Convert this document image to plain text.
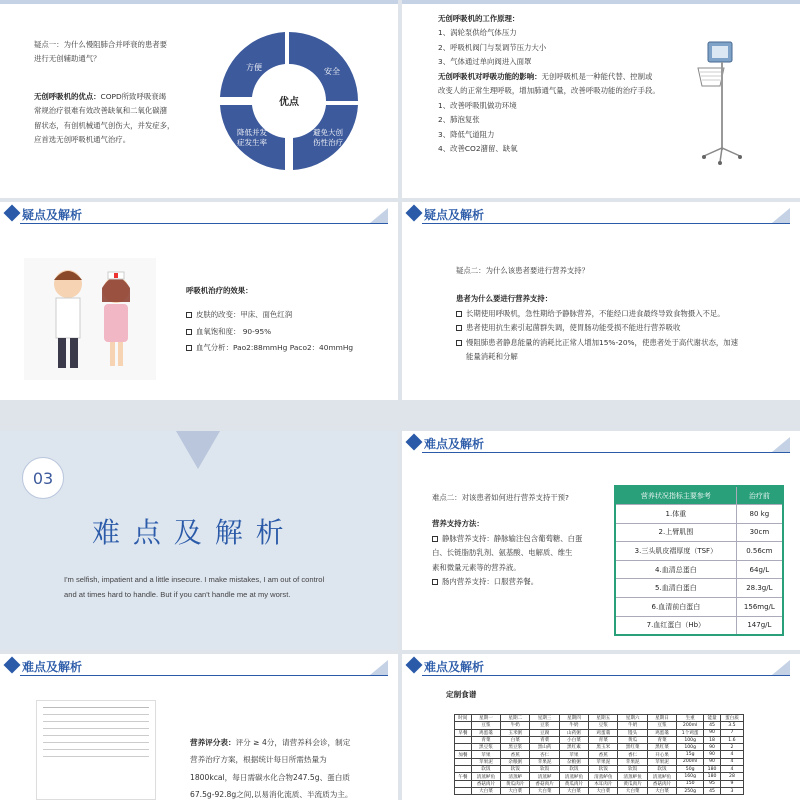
疑点一：为什么慢阻肺合并呼衰的患者要
进行无创辅助通气？
无创呼吸机的优点：COPD所致呼吸衰竭
常规治疗很难有效改善缺氧和二氧化碳潴
留状态，有创机械通气创伤大，并发症多，
应首选无创呼吸机通气治疗。
优点
方便	安全
避免大创
伤性治疗
降低并发
症发生率
无创呼吸机的工作原理：
1、涡轮泵供给气体压力
2、呼吸机阀门与泵调节压力大小
3、气体通过单向阀进入面罩
无创呼吸机对呼吸功能的影响：无创呼吸机是一种能代替、控制或
改变人的正常生理呼吸，增加肺通气量，改善呼吸功能的治疗手段。
1、改善呼吸肌做功环境
2、肺泡复张
3、降低气道阻力
4、改善CO2潴留、缺氧
疑点及解析
呼吸机治疗的效果：
皮肤的改变：甲床、面色红润
血氧饱和度： 90-95%
血气分析：Pao2:88mmHg Paco2：40mmHg
疑点及解析
疑点二：为什么该患者要进行营养支持？
患者为什么要进行营养支持：
长期使用呼吸机，急性期给予静脉营养，不能经口进食最终导致食物摄入不足。
患者使用抗生素引起菌群失调，使胃肠功能受损不能进行营养吸收
慢阻肺患者静息能量的消耗比正常人增加15%-20%，使患者处于高代谢状态，加速
能量消耗和分解
03
难 点 及 解 析
I'm selfish, impatient and a little insecure. I make mistakes, I am out of control
and at times hard to handle. But if you can't handle me at my worst.
难点及解析
难点二：对该患者如何进行营养支持干预?
营养支持方法：
静脉营养支持：静脉输注包含葡萄糖、白蛋
白、长链脂肪乳剂、氨基酸、电解质、维生
素和微量元素等的营养液。
肠内营养支持：口服营养餐。
营养状况指标主要参考	治疗前
1.体重	80 kg
2.上臂肌围	30cm
3.三头肌皮褶厚度（TSF）	0.56cm
4.血清总蛋白	64g/L
5.血清白蛋白	28.3g/L
6.血清前白蛋白	156mg/L
7.血红蛋白（Hb）	147g/L
难点及解析
营养评分表：评分 ≥ 4分，请营养科会诊，制定
营养治疗方案，根据统计每日所需热量为
1800kcal，每日需碳水化合物247.5g、蛋白质
67.5g-92.8g之间,以易消化流质、半流质为主。
难点及解析
定制食谱
时间	星期一	星期二	星期三	星期四	星期五	星期六	星期日	生重	能量	蛋白质
	豆浆	牛奶	豆浆	牛奶	豆浆	牛奶	豆浆	200ml	45	3.5
早餐	鸡蛋羹	玉米粥	豆腐	山药粥	鸡蛋羹	馒头	鸡蛋羹	1个鸡蛋	90	7
	青菜	白菜	青菜	小白菜	青菜	黄瓜	青菜	100g	18	1.6
	黑豆浆	黑豆浆	黑山药	黑红素	黑玉米	黑红菜	黑红菜	100g	90	2
加餐	苹果	香蕉	杏仁	苹果	香蕉	香仁	开心果	15g	90	4
	苹果泥	杂粮粥	苹果泥	杂粮粥	苹果泥	苹果泥	苹果泥	200ml	90	4
	软饭	软饭	软饭	软饭	软饭	软饭	软饭	50g	180	4
午餐	清蒸鲈鱼	清蒸鲈	清蒸鲈	清蒸鲈鱼	清蒸鲈鱼	清蒸鲈鱼	清蒸鲈鱼	160g	180	28
	香菇肉片	黄瓜肉片	香菇肉片	黄瓜肉片	木耳肉片	黄瓜肉片	香菇肉片	150	95	9
	大白菜	大白菜	大白菜	大白菜	大白菜	大白菜	大白菜	250g	45	3
